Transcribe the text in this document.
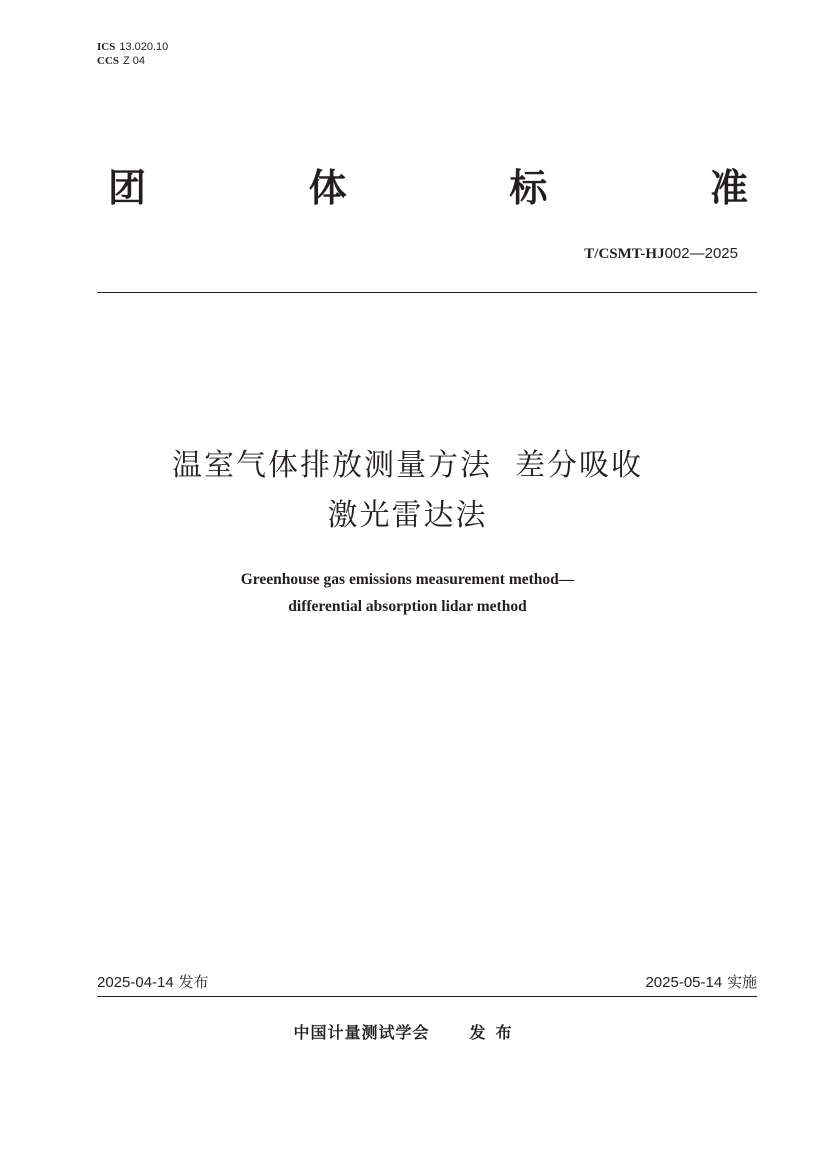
ICS 13.020.10
CCS Z 04
团	体	标	准
T/CSMT-HJ002—2025
温室气体排放测量方法  差分吸收
激光雷达法
Greenhouse gas emissions measurement method—
differential absorption lidar method
2025-04-14 发布	2025-05-14 实施
中国计量测试学会	发布
